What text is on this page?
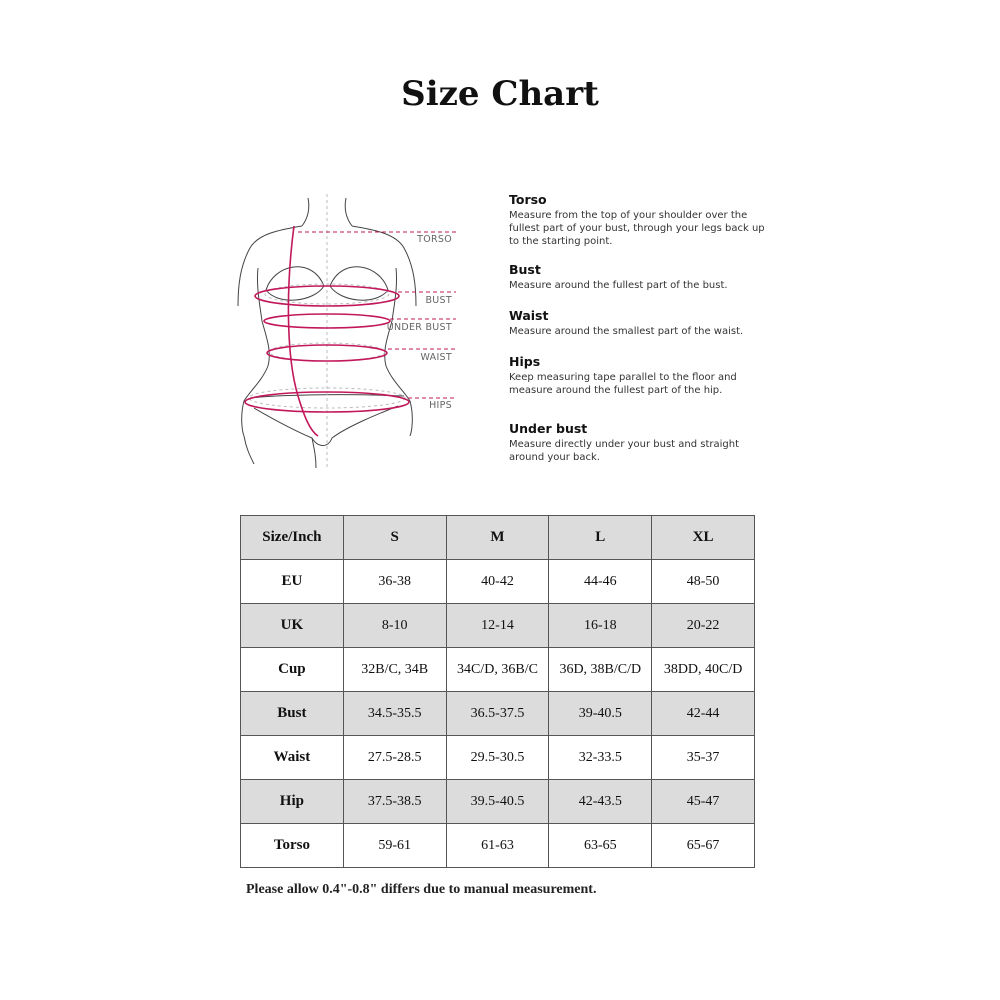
Size Chart
TORSO
BUST
UNDER BUST
WAIST
HIPS
Torso

Measure from the top of your shoulder over the fullest part of your bust, through your legs back up to the starting point.

Bust

Measure around the fullest part of the bust.

Waist

Measure around the smallest part of the waist.

Hips

Keep measuring tape parallel to the floor and measure around the fullest part of the hip.

Under bust

Measure directly under your bust and straight around your back.

Size/Inch	S	M	L	XL
EU	36-38	40-42	44-46	48-50
UK	8-10	12-14	16-18	20-22
Cup	32B/C, 34B	34C/D, 36B/C	36D, 38B/C/D	38DD, 40C/D
Bust	34.5-35.5	36.5-37.5	39-40.5	42-44
Waist	27.5-28.5	29.5-30.5	32-33.5	35-37
Hip	37.5-38.5	39.5-40.5	42-43.5	45-47
Torso	59-61	61-63	63-65	65-67

Please allow 0.4"-0.8" differs due to manual measurement.
